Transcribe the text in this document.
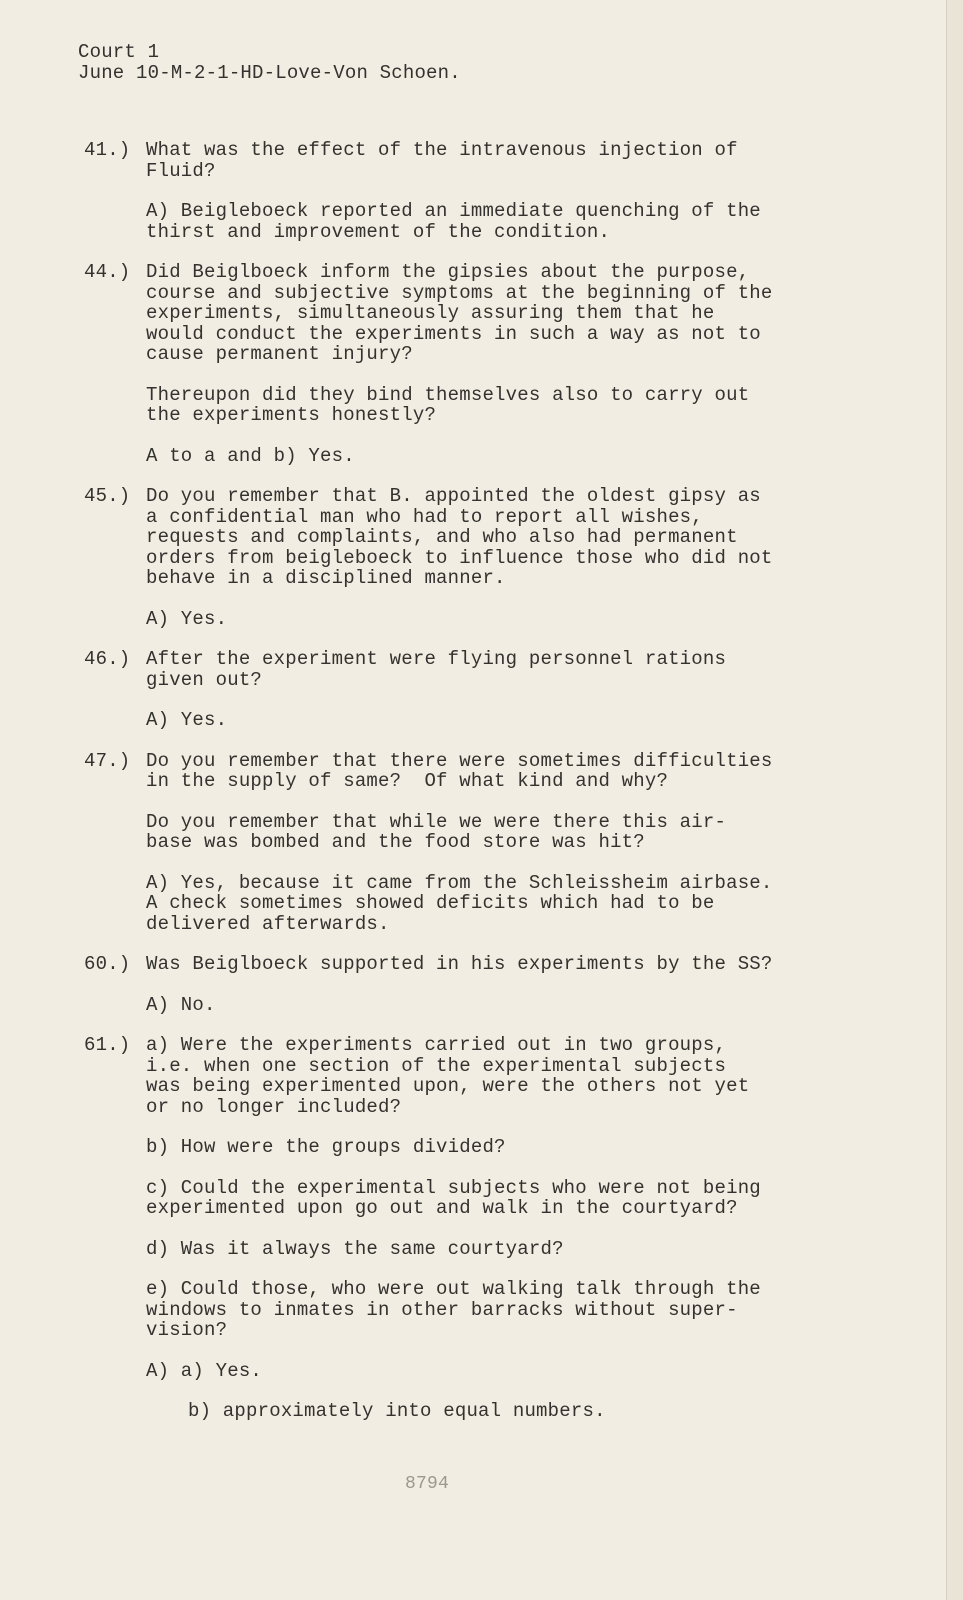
Court 1
June 10-M-2-1-HD-Love-Von Schoen.
41.) What was the effect of the intravenous injection of
Fluid?

A) Beigleboeck reported an immediate quenching of the
thirst and improvement of the condition.

44.) Did Beiglboeck inform the gipsies about the purpose,
course and subjective symptoms at the beginning of the
experiments, simultaneously assuring them that he
would conduct the experiments in such a way as not to
cause permanent injury?

Thereupon did they bind themselves also to carry out
the experiments honestly?

A to a and b) Yes.

45.) Do you remember that B. appointed the oldest gipsy as
a confidential man who had to report all wishes,
requests and complaints, and who also had permanent
orders from beigleboeck to influence those who did not
behave in a disciplined manner.

A) Yes.

46.) After the experiment were flying personnel rations
given out?

A) Yes.

47.) Do you remember that there were sometimes difficulties
in the supply of same?  Of what kind and why?

Do you remember that while we were there this air-
base was bombed and the food store was hit?

A) Yes, because it came from the Schleissheim airbase.
A check sometimes showed deficits which had to be
delivered afterwards.

60.) Was Beiglboeck supported in his experiments by the SS?

A) No.

61.) a) Were the experiments carried out in two groups,
i.e. when one section of the experimental subjects
was being experimented upon, were the others not yet
or no longer included?

b) How were the groups divided?

c) Could the experimental subjects who were not being
experimented upon go out and walk in the courtyard?

d) Was it always the same courtyard?

e) Could those, who were out walking talk through the
windows to inmates in other barracks without super-
vision?

A) a) Yes.

b) approximately into equal numbers.

8794
